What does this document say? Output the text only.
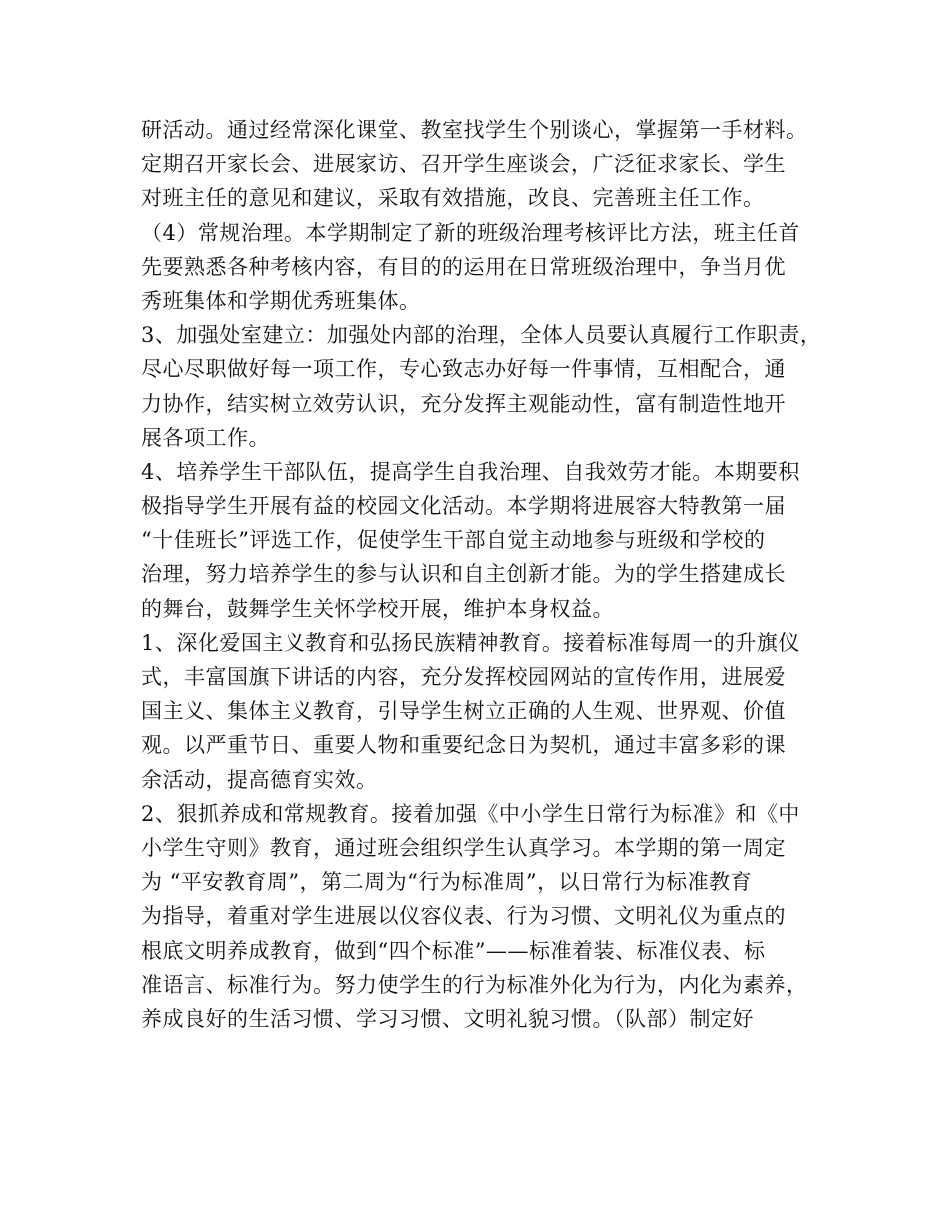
研活动。通过经常深化课堂、教室找学生个别谈心，掌握第一手材料。
定期召开家长会、进展家访、召开学生座谈会，广泛征求家长、学生
对班主任的意见和建议，采取有效措施，改良、完善班主任工作。
（4）常规治理。本学期制定了新的班级治理考核评比方法，班主任首
先要熟悉各种考核内容，有目的的运用在日常班级治理中，争当月优
秀班集体和学期优秀班集体。
3、加强处室建立：加强处内部的治理，全体人员要认真履行工作职责，
尽心尽职做好每一项工作，专心致志办好每一件事情，互相配合，通
力协作，结实树立效劳认识，充分发挥主观能动性，富有制造性地开
展各项工作。
4、培养学生干部队伍，提高学生自我治理、自我效劳才能。本期要积
极指导学生开展有益的校园文化活动。本学期将进展容大特教第一届
“十佳班长”评选工作，促使学生干部自觉主动地参与班级和学校的
治理，努力培养学生的参与认识和自主创新才能。为的学生搭建成长
的舞台，鼓舞学生关怀学校开展，维护本身权益。
1、深化爱国主义教育和弘扬民族精神教育。接着标准每周一的升旗仪
式，丰富国旗下讲话的内容，充分发挥校园网站的宣传作用，进展爱
国主义、集体主义教育，引导学生树立正确的人生观、世界观、价值
观。以严重节日、重要人物和重要纪念日为契机，通过丰富多彩的课
余活动，提高德育实效。
2、狠抓养成和常规教育。接着加强《中小学生日常行为标准》和《中
小学生守则》教育，通过班会组织学生认真学习。本学期的第一周定
为 “平安教育周”，第二周为“行为标准周”，以日常行为标准教育
为指导，着重对学生进展以仪容仪表、行为习惯、文明礼仪为重点的
根底文明养成教育，做到“四个标准”——标准着装、标准仪表、标
准语言、标准行为。努力使学生的行为标准外化为行为，内化为素养，
养成良好的生活习惯、学习习惯、文明礼貌习惯。（队部）制定好
